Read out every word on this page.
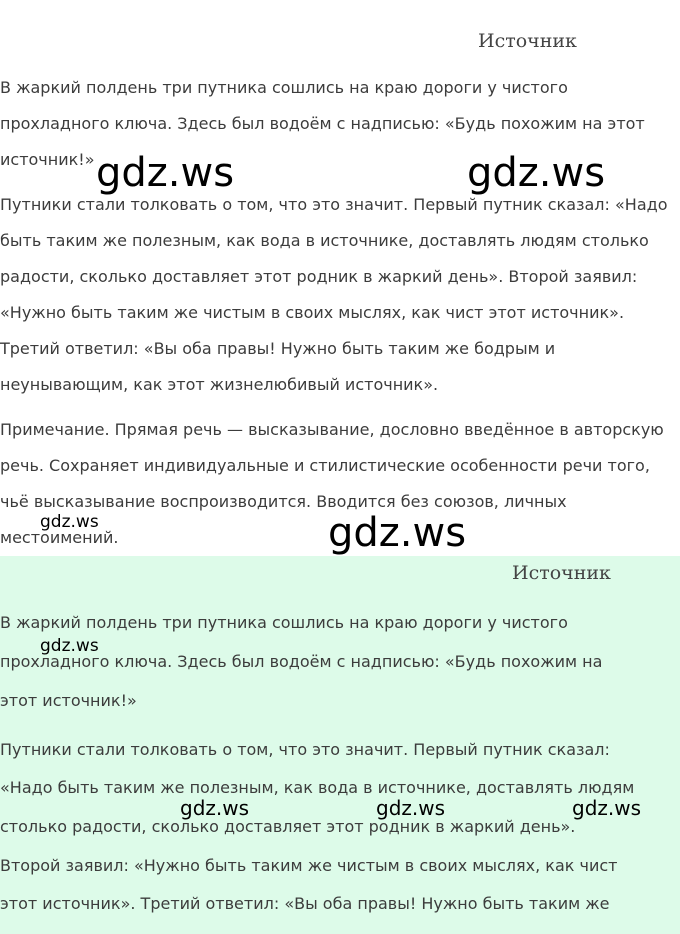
Источник
В жаркий полдень три путника сошлись на краю дороги у чистого
прохладного ключа. Здесь был водоём с надписью: «Будь похожим на этот
источник!»
Путники стали толковать о том, что это значит. Первый путник сказал: «Надо
быть таким же полезным, как вода в источнике, доставлять людям столько
радости, сколько доставляет этот родник в жаркий день». Второй заявил:
«Нужно быть таким же чистым в своих мыслях, как чист этот источник».
Третий ответил: «Вы оба правы! Нужно быть таким же бодрым и
неунывающим, как этот жизнелюбивый источник».
Примечание. Прямая речь — высказывание, дословно введённое в авторскую
речь. Сохраняет индивидуальные и стилистические особенности речи того,
чьё высказывание воспроизводится. Вводится без союзов, личных
местоимений.
Источник
В жаркий полдень три путника сошлись на краю дороги у чистого
прохладного ключа. Здесь был водоём с надписью: «Будь похожим на
этот источник!»
Путники стали толковать о том, что это значит. Первый путник сказал:
«Надо быть таким же полезным, как вода в источнике, доставлять людям
столько радости, сколько доставляет этот родник в жаркий день».
Второй заявил: «Нужно быть таким же чистым в своих мыслях, как чист
этот источник». Третий ответил: «Вы оба правы! Нужно быть таким же
gdz.ws	gdz.ws
gdz.ws	gdz.ws
gdz.ws
gdz.ws	gdz.ws	gdz.ws
